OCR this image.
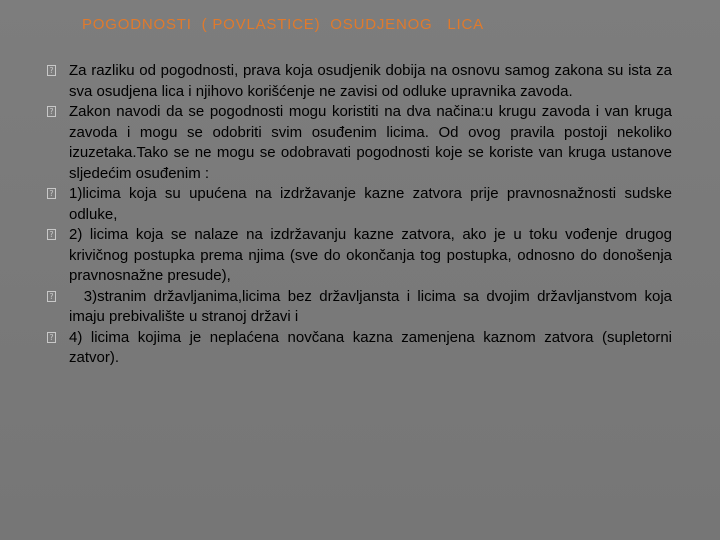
POGODNOSTI  ( POVLASTICE)  OSUDJENOG   LICA

? Za razliku od pogodnosti, prava koja osudjenik dobija na osnovu samog zakona su ista za sva osudjena lica i njihovo korišćenje ne zavisi od odluke upravnika zavoda.

? Zakon navodi da se pogodnosti mogu koristiti na dva načina:u krugu zavoda i van kruga zavoda i mogu se odobriti svim osuđenim licima. Od ovog pravila postoji nekoliko izuzetaka.Tako se ne mogu se odobravati pogodnosti koje se koriste van kruga ustanove sljedećim osuđenim :

? 1)licima koja su upućena na izdržavanje kazne zatvora prije pravnosnažnosti sudske odluke,

? 2) licima koja se nalaze na izdržavanju kazne zatvora, ako je u toku vođenje drugog krivičnog postupka prema njima (sve do okončanja tog postupka, odnosno do donošenja pravnosnažne presude),

? 3)stranim državljanima,licima bez državljansta i licima sa dvojim državljanstvom koja imaju prebivalište u stranoj državi i

? 4) licima kojima je neplaćena novčana kazna zamenjena kaznom zatvora (supletorni zatvor).
